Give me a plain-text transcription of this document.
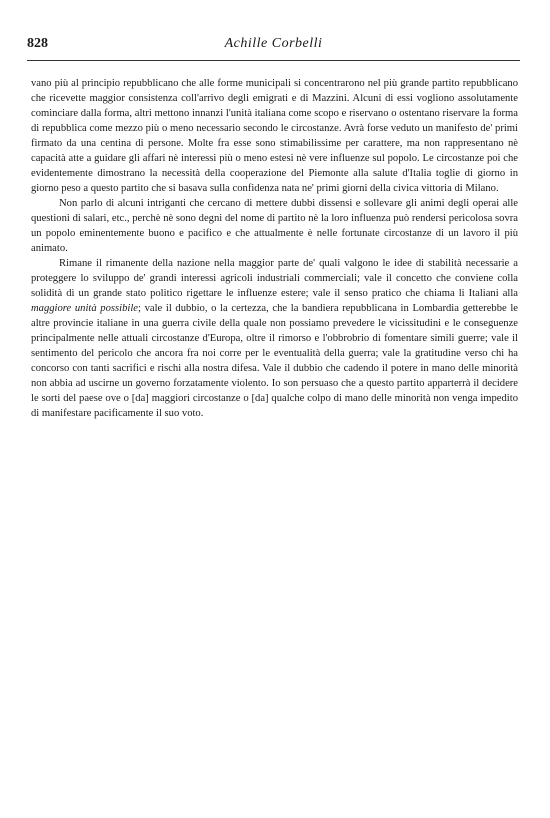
828	Achille Corbelli

vano più al principio repubblicano che alle forme municipali si concentrarono nel più grande partito repubblicano che ricevette maggior consistenza coll'arrivo degli emigrati e di Mazzini. Alcuni di essi vogliono assolutamente cominciare dalla forma, altri mettono innanzi l'unità italiana come scopo e riservano o ostentano riservare la forma di repubblica come mezzo più o meno necessario secondo le circostanze. Avrà forse veduto un manifesto de' primi firmato da una centina di persone. Molte fra esse sono stimabilissime per carattere, ma non rappresentano nè capacità atte a guidare gli affari nè interessi più o meno estesi nè vere influenze sul popolo. Le circostanze poi che evidentemente dimostrano la necessità della cooperazione del Piemonte alla salute d'Italia toglie di giorno in giorno peso a questo partito che si basava sulla confidenza nata ne' primi giorni della civica vittoria di Milano.

Non parlo di alcuni intriganti che cercano di mettere dubbi dissensi e sollevare gli animi degli operai alle questioni di salari, etc., perchè nè sono degni del nome di partito nè la loro influenza può rendersi pericolosa sovra un popolo eminentemente buono e pacifico e che attualmente è nelle fortunate circostanze di un lavoro il più animato.

Rimane il rimanente della nazione nella maggior parte de' quali valgono le idee di stabilità necessarie a proteggere lo sviluppo de' grandi interessi agricoli industriali commerciali; vale il concetto che conviene colla solidità di un grande stato politico rigettare le influenze estere; vale il senso pratico che chiama li Italiani alla maggiore unità possibile; vale il dubbio, o la certezza, che la bandiera repubblicana in Lombardia getterebbe le altre provincie italiane in una guerra civile della quale non possiamo prevedere le vicissitudini e le conseguenze principalmente nelle attuali circostanze d'Europa, oltre il rimorso e l'obbrobrio di fomentare simili guerre; vale il sentimento del pericolo che ancora fra noi corre per le eventualità della guerra; vale la gratitudine verso chi ha concorso con tanti sacrifici e rischi alla nostra difesa. Vale il dubbio che cadendo il potere in mano delle minorità non abbia ad uscirne un governo forzatamente violento. Io son persuaso che a questo partito apparterrà il decidere le sorti del paese ove o [da] maggiori circostanze o [da] qualche colpo di mano delle minorità non venga impedito di manifestare pacificamente il suo voto.
